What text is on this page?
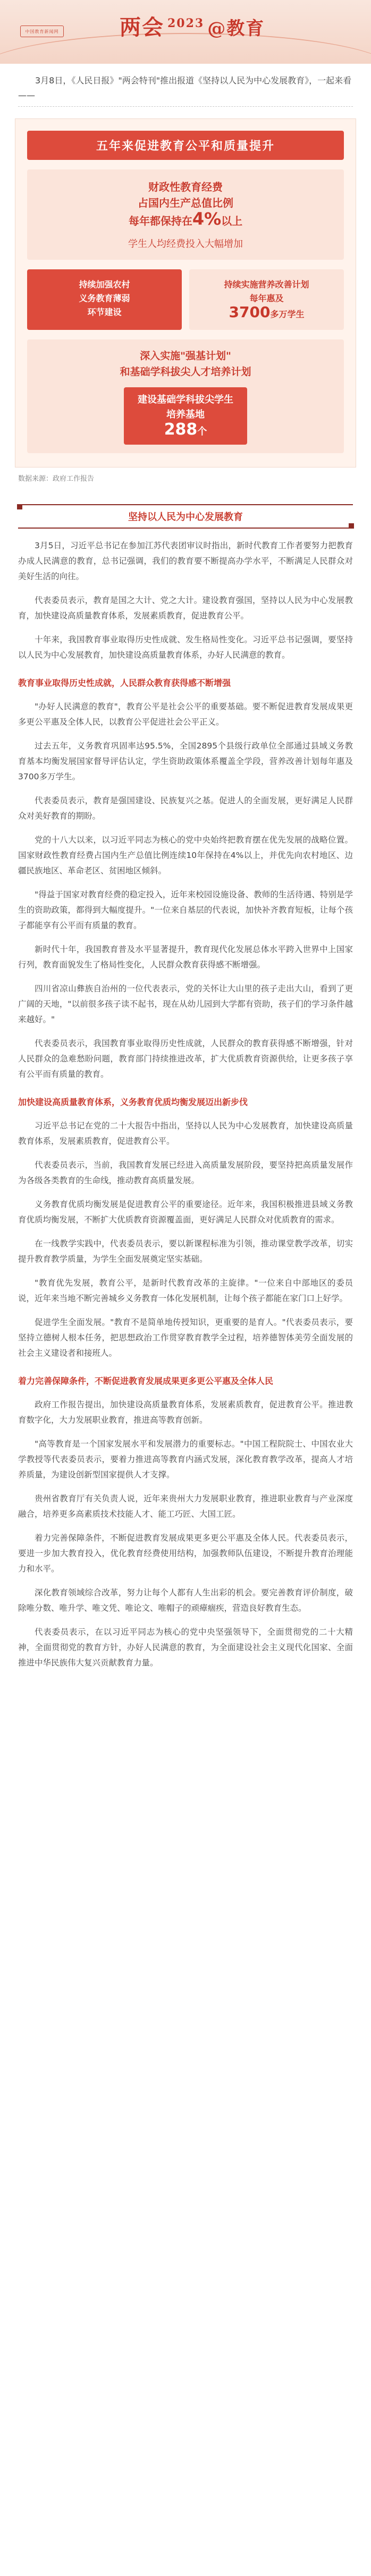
中国教育新闻网	两会 $^{2023}$ @教育

3月8日，《人民日报》"两会特刊"推出报道《坚持以人民为中心发展教育》，一起来看——

五年来促进教育公平和质量提升
财政性教育经费
占国内生产总值比例
每年都保持在4%以上
学生人均经费投入大幅增加
持续加强农村
义务教育薄弱
环节建设
持续实施营养改善计划
每年惠及
3700多万学生
深入实施"强基计划"
和基础学科拔尖人才培养计划
建设基础学科拔尖学生
培养基地
288个
数据来源：政府工作报告
坚持以人民为中心发展教育

3月5日，习近平总书记在参加江苏代表团审议时指出，新时代教育工作者要努力把教育办成人民满意的教育，总书记强调，我们的教育要不断提高办学水平，不断满足人民群众对美好生活的向往。

代表委员表示，教育是国之大计、党之大计。建设教育强国，坚持以人民为中心发展教育，加快建设高质量教育体系，发展素质教育，促进教育公平。

十年来，我国教育事业取得历史性成就、发生格局性变化。习近平总书记强调，要坚持以人民为中心发展教育，加快建设高质量教育体系，办好人民满意的教育。

教育事业取得历史性成就，人民群众教育获得感不断增强

"办好人民满意的教育"，教育公平是社会公平的重要基础。要不断促进教育发展成果更多更公平惠及全体人民，以教育公平促进社会公平正义。

过去五年，义务教育巩固率达95.5%，全国2895个县级行政单位全部通过县域义务教育基本均衡发展国家督导评估认定，学生资助政策体系覆盖全学段，营养改善计划每年惠及3700多万学生。

代表委员表示，教育是强国建设、民族复兴之基。促进人的全面发展，更好满足人民群众对美好教育的期盼。

党的十八大以来，以习近平同志为核心的党中央始终把教育摆在优先发展的战略位置。国家财政性教育经费占国内生产总值比例连续10年保持在4%以上，并优先向农村地区、边疆民族地区、革命老区、贫困地区倾斜。

"得益于国家对教育经费的稳定投入，近年来校园设施设备、教师的生活待遇、特别是学生的资助政策，都得到大幅度提升。"一位来自基层的代表说，加快补齐教育短板，让每个孩子都能享有公平而有质量的教育。

新时代十年，我国教育普及水平显著提升，教育现代化发展总体水平跨入世界中上国家行列，教育面貌发生了格局性变化，人民群众教育获得感不断增强。

四川省凉山彝族自治州的一位代表表示，党的关怀让大山里的孩子走出大山，看到了更广阔的天地，"以前很多孩子读不起书，现在从幼儿园到大学都有资助，孩子们的学习条件越来越好。"

代表委员表示，我国教育事业取得历史性成就，人民群众的教育获得感不断增强，针对人民群众的急难愁盼问题，教育部门持续推进改革，扩大优质教育资源供给，让更多孩子享有公平而有质量的教育。

加快建设高质量教育体系，义务教育优质均衡发展迈出新步伐

习近平总书记在党的二十大报告中指出，坚持以人民为中心发展教育，加快建设高质量教育体系，发展素质教育，促进教育公平。

代表委员表示，当前，我国教育发展已经进入高质量发展阶段，要坚持把高质量发展作为各级各类教育的生命线，推动教育高质量发展。

义务教育优质均衡发展是促进教育公平的重要途径。近年来，我国积极推进县域义务教育优质均衡发展，不断扩大优质教育资源覆盖面，更好满足人民群众对优质教育的需求。

在一线教学实践中，代表委员表示，要以新课程标准为引领，推动课堂教学改革，切实提升教育教学质量，为学生全面发展奠定坚实基础。

"教育优先发展，教育公平，是新时代教育改革的主旋律。"一位来自中部地区的委员说，近年来当地不断完善城乡义务教育一体化发展机制，让每个孩子都能在家门口上好学。

促进学生全面发展。"教育不是简单地传授知识，更重要的是育人。"代表委员表示，要坚持立德树人根本任务，把思想政治工作贯穿教育教学全过程，培养德智体美劳全面发展的社会主义建设者和接班人。

着力完善保障条件，不断促进教育发展成果更多更公平惠及全体人民

政府工作报告提出，加快建设高质量教育体系，发展素质教育，促进教育公平。推进教育数字化，大力发展职业教育，推进高等教育创新。

"高等教育是一个国家发展水平和发展潜力的重要标志。"中国工程院院士、中国农业大学教授等代表委员表示，要着力推进高等教育内涵式发展，深化教育教学改革，提高人才培养质量，为建设创新型国家提供人才支撑。

贵州省教育厅有关负责人说，近年来贵州大力发展职业教育，推进职业教育与产业深度融合，培养更多高素质技术技能人才、能工巧匠、大国工匠。

着力完善保障条件，不断促进教育发展成果更多更公平惠及全体人民。代表委员表示，要进一步加大教育投入，优化教育经费使用结构，加强教师队伍建设，不断提升教育治理能力和水平。

深化教育领域综合改革，努力让每个人都有人生出彩的机会。要完善教育评价制度，破除唯分数、唯升学、唯文凭、唯论文、唯帽子的顽瘴痼疾，营造良好教育生态。

代表委员表示，在以习近平同志为核心的党中央坚强领导下，全面贯彻党的二十大精神，全面贯彻党的教育方针，办好人民满意的教育，为全面建设社会主义现代化国家、全面推进中华民族伟大复兴贡献教育力量。
